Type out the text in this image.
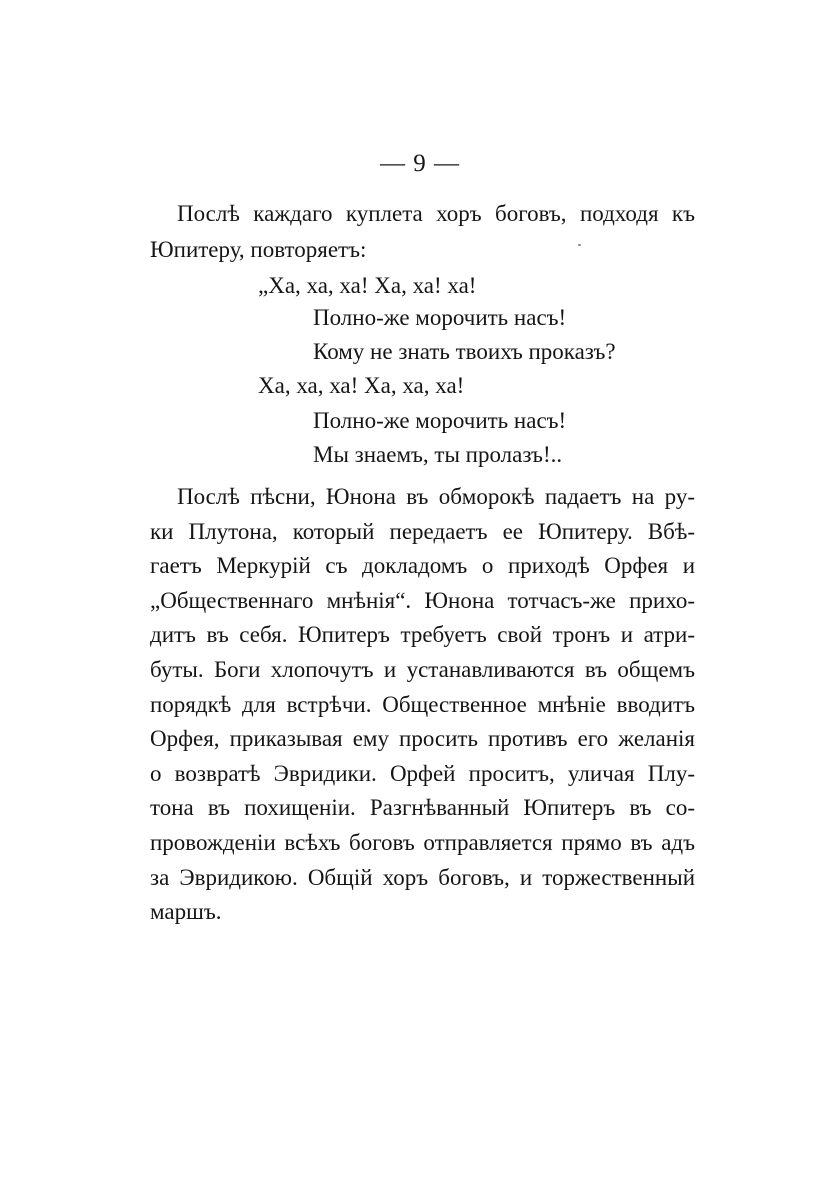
— 9 —
Послѣ каждаго куплета хоръ боговъ, подходя къ
Юпитеру, повторяетъ:
„Ха, ха, ха! Ха, ха! ха!
Полно-же морочить насъ!
Кому не знать твоихъ проказъ?
Ха, ха, ха! Ха, ха, ха!
Полно-же морочить насъ!
Мы знаемъ, ты пролазъ!..
Послѣ пѣсни, Юнона въ обморокѣ падаетъ на ру-
ки Плутона, который передаетъ ее Юпитеру. Вбѣ-
гаетъ Меркурій съ докладомъ о приходѣ Орфея и
„Общественнаго мнѣнія“. Юнона тотчасъ-же прихо-
дитъ въ себя. Юпитеръ требуетъ свой тронъ и атри-
буты. Боги хлопочутъ и устанавливаются въ общемъ
порядкѣ для встрѣчи. Общественное мнѣніе вводитъ
Орфея, приказывая ему просить противъ его желанія
о возвратѣ Эвридики. Орфей проситъ, уличая Плу-
тона въ похищеніи. Разгнѣванный Юпитеръ въ со-
провожденіи всѣхъ боговъ отправляется прямо въ адъ
за Эвридикою. Общій хоръ боговъ, и торжественный
маршъ.
